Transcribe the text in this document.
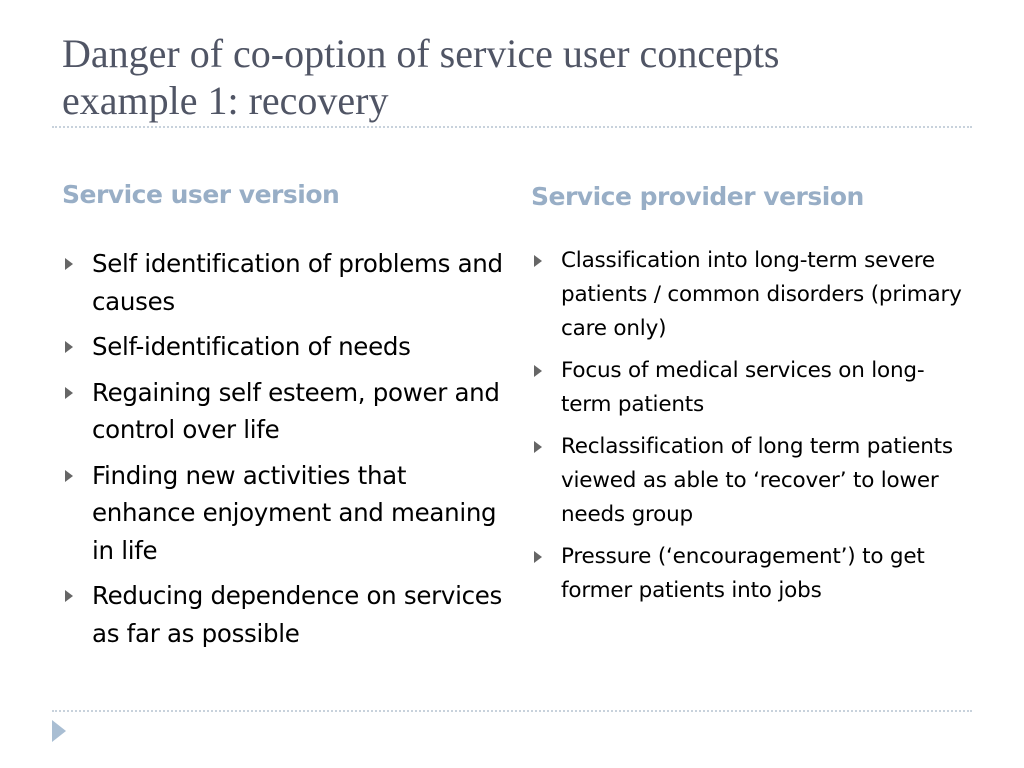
Danger of co-option of service user concepts
example 1: recovery
Service user version	Service provider version
Self identification of problems and causes
Self-identification of needs
Regaining self esteem, power and control over life
Finding new activities that enhance enjoyment and meaning in life
Reducing dependence on services as far as possible
Classification into long-term severe patients / common disorders (primary care only)
Focus of medical services on long-term patients
Reclassification of long term patients viewed as able to ‘recover’ to lower needs group
Pressure (‘encouragement’) to get former patients into jobs
